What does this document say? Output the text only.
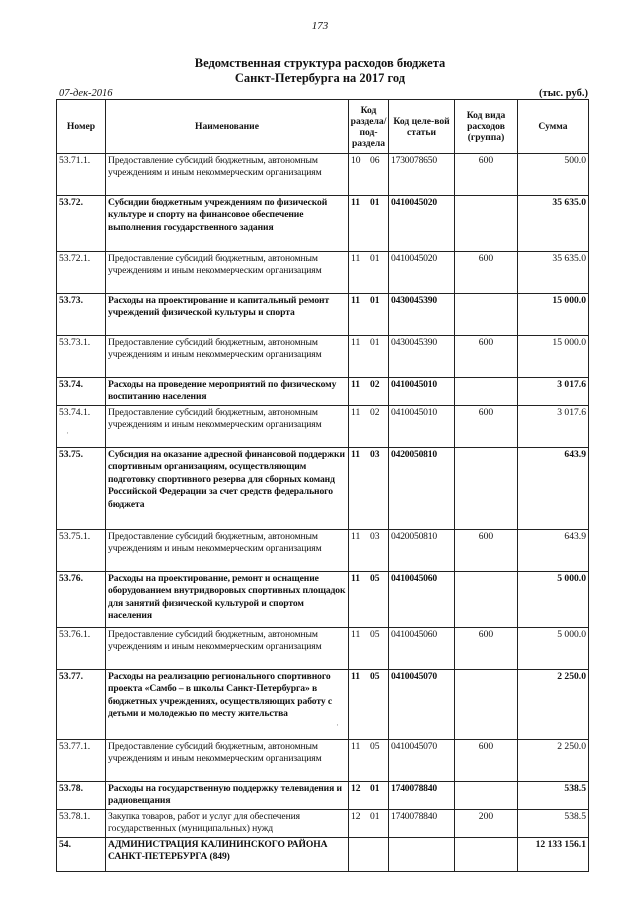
173
Ведомственная структура расходов бюджета
Санкт-Петербурга на 2017 год
07-дек-2016	(тыс. руб.)
Номер	Наименование	Код раздела/ под-раздела	Код целе-вой статьи	Код вида расходов (группа)	Сумма
53.71.1.	Предоставление субсидий бюджетным, автономным учреждениям и иным некоммерческим организациям	10 06	1730078650	600	500.0
53.72.	Субсидии бюджетным учреждениям по физической культуре и спорту на финансовое обеспечение выполнения государственного задания	11 01	0410045020		35 635.0
53.72.1.	Предоставление субсидий бюджетным, автономным учреждениям и иным некоммерческим организациям	11 01	0410045020	600	35 635.0
53.73.	Расходы на проектирование и капитальный ремонт учреждений физической культуры и спорта	11 01	0430045390		15 000.0
53.73.1.	Предоставление субсидий бюджетным, автономным учреждениям и иным некоммерческим организациям	11 01	0430045390	600	15 000.0
53.74.	Расходы на проведение мероприятий по физическому воспитанию населения	11 02	0410045010		3 017.6
53.74.1.	Предоставление субсидий бюджетным, автономным учреждениям и иным некоммерческим организациям	11 02	0410045010	600	3 017.6
53.75.	Субсидия на оказание адресной финансовой поддержки спортивным организациям, осуществляющим подготовку спортивного резерва для сборных команд Российской Федерации за счет средств федерального бюджета	11 03	0420050810		643.9
53.75.1.	Предоставление субсидий бюджетным, автономным учреждениям и иным некоммерческим организациям	11 03	0420050810	600	643.9
53.76.	Расходы на проектирование, ремонт и оснащение оборудованием внутридворовых спортивных площадок для занятий физической культурой и спортом населения	11 05	0410045060		5 000.0
53.76.1.	Предоставление субсидий бюджетным, автономным учреждениям и иным некоммерческим организациям	11 05	0410045060	600	5 000.0
53.77.	Расходы на реализацию регионального спортивного проекта «Самбо – в школы Санкт-Петербурга» в бюджетных учреждениях, осуществляющих работу с детьми и молодежью по месту жительства	11 05	0410045070		2 250.0
53.77.1.	Предоставление субсидий бюджетным, автономным учреждениям и иным некоммерческим организациям	11 05	0410045070	600	2 250.0
53.78.	Расходы на государственную поддержку телевидения и радиовещания	12 01	1740078840		538.5
53.78.1.	Закупка товаров, работ и услуг для обеспечения государственных (муниципальных) нужд	12 01	1740078840	200	538.5
54.	АДМИНИСТРАЦИЯ КАЛИНИНСКОГО РАЙОНА САНКТ-ПЕТЕРБУРГА (849)				12 133 156.1
·
·
